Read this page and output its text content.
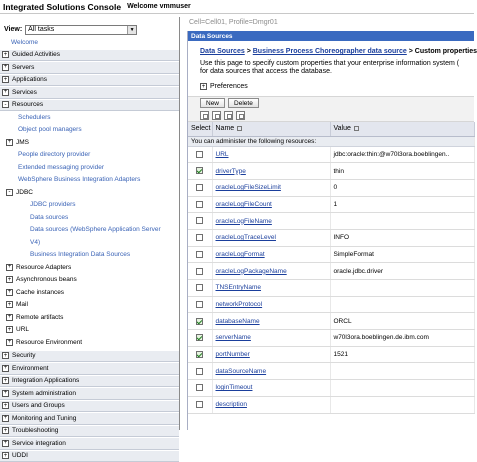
Integrated Solutions Console Welcome vmmuser
View: All tasks	▼
Welcome
+ Guided Activities
+ Servers
+ Applications
+ Services
- Resources
Schedulers
Object pool managers
+ JMS
People directory provider
Extended messaging provider
WebSphere Business Integration Adapters
- JDBC
JDBC providers
Data sources
Data sources (WebSphere Application Server
V4)
Business Integration Data Sources
+ Resource Adapters
+ Asynchronous beans
+ Cache instances
+ Mail
+ Remote artifacts
+ URL
+ Resource Environment
+ Security
+ Environment
+ Integration Applications
+ System administration
+ Users and Groups
+ Monitoring and Tuning
+ Troubleshooting
+ Service integration
+ UDDI
Cell=Cell01, Profile=Dmgr01
Data Sources
Data Sources > Business Process Choreographer data source > Custom properties
Use this page to specify custom properties that your enterprise information system (
for data sources that access the database.
+ Preferences
New	Delete
Select	Name	Value
You can administer the following resources:		
	URL	jdbc:oracle:thin:@w70l3ora.boeblingen..
	driverType	thin
	oracleLogFileSizeLimit	0
	oracleLogFileCount	1
	oracleLogFileName	
	oracleLogTraceLevel	INFO
	oracleLogFormat	SimpleFormat
	oracleLogPackageName	oracle.jdbc.driver
	TNSEntryName	
	networkProtocol	
	databaseName	ORCL
	serverName	w70l3ora.boeblingen.de.ibm.com
	portNumber	1521
	dataSourceName	
	loginTimeout	
	description	
